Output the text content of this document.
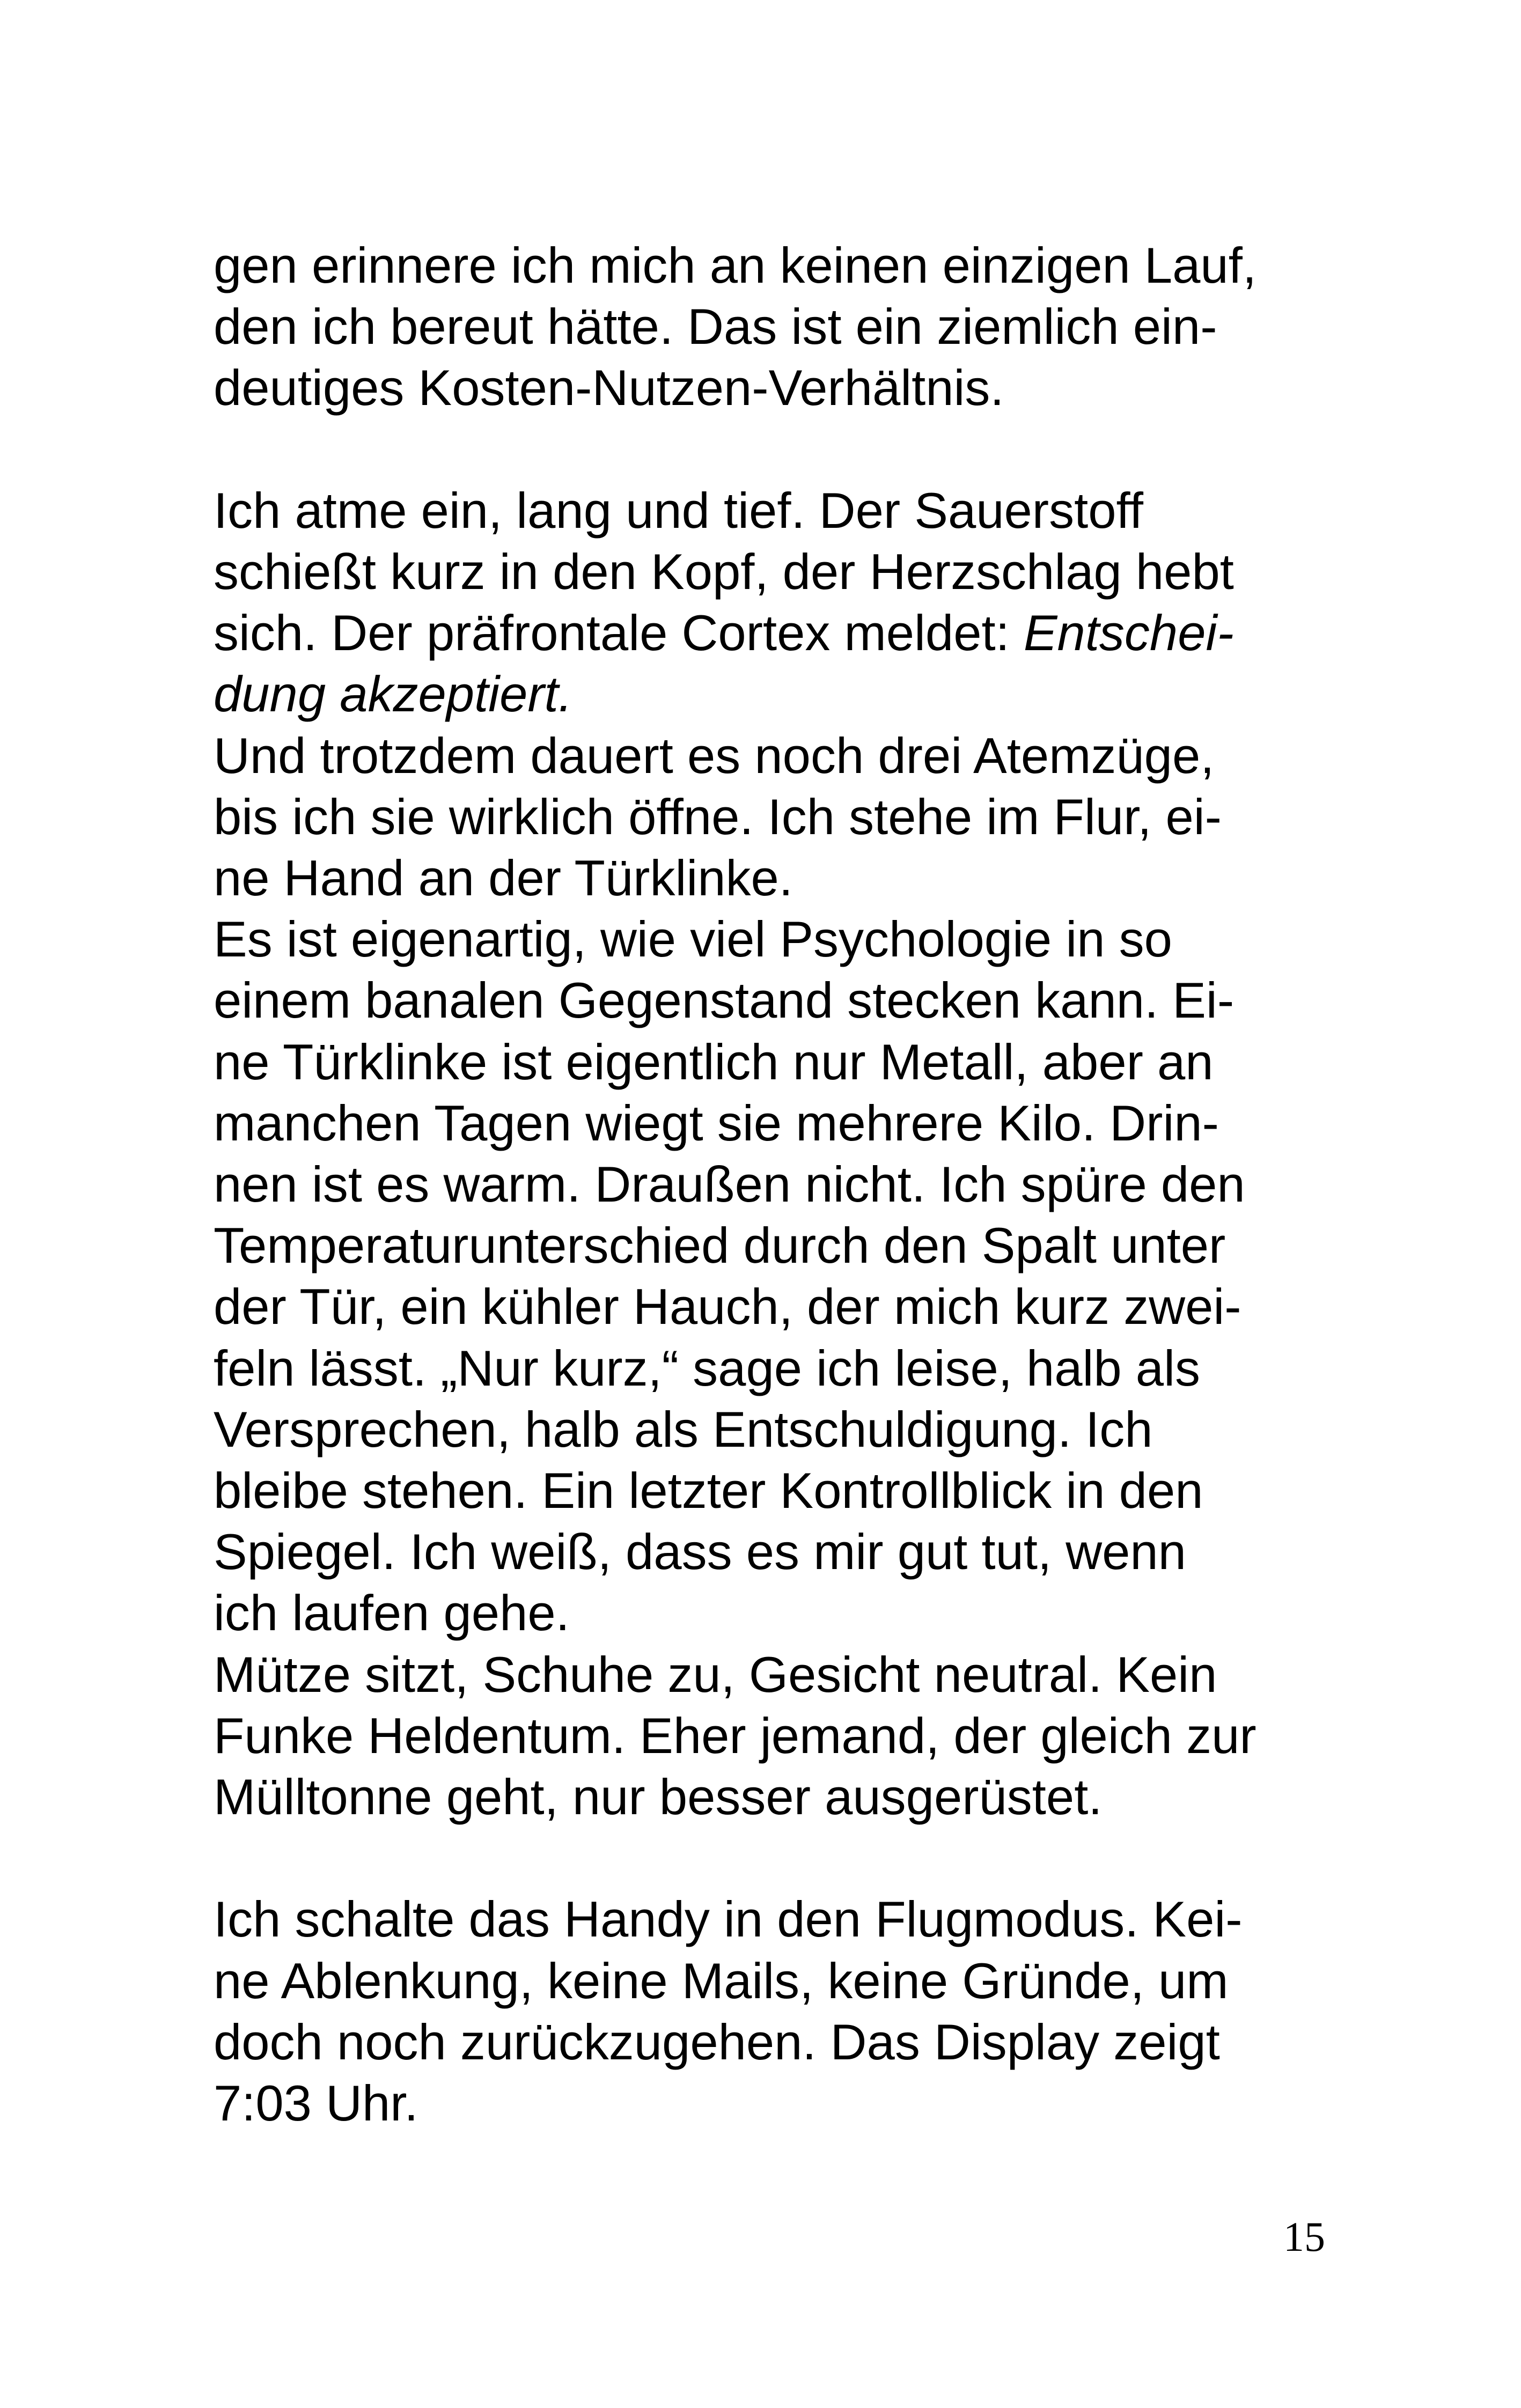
gen erinnere ich mich an keinen einzigen Lauf,
den ich bereut hätte. Das ist ein ziemlich ein-
deutiges Kosten-Nutzen-Verhältnis.
Ich atme ein, lang und tief. Der Sauerstoff
schießt kurz in den Kopf, der Herzschlag hebt
sich. Der präfrontale Cortex meldet: Entschei-
dung akzeptiert.
Und trotzdem dauert es noch drei Atemzüge,
bis ich sie wirklich öffne. Ich stehe im Flur, ei-
ne Hand an der Türklinke.
Es ist eigenartig, wie viel Psychologie in so
einem banalen Gegenstand stecken kann. Ei-
ne Türklinke ist eigentlich nur Metall, aber an
manchen Tagen wiegt sie mehrere Kilo. Drin-
nen ist es warm. Draußen nicht. Ich spüre den
Temperaturunterschied durch den Spalt unter
der Tür, ein kühler Hauch, der mich kurz zwei-
feln lässt. „Nur kurz,“ sage ich leise, halb als
Versprechen, halb als Entschuldigung. Ich
bleibe stehen. Ein letzter Kontrollblick in den
Spiegel. Ich weiß, dass es mir gut tut, wenn
ich laufen gehe.
Mütze sitzt, Schuhe zu, Gesicht neutral. Kein
Funke Heldentum. Eher jemand, der gleich zur
Mülltonne geht, nur besser ausgerüstet.
Ich schalte das Handy in den Flugmodus. Kei-
ne Ablenkung, keine Mails, keine Gründe, um
doch noch zurückzugehen. Das Display zeigt
7:03 Uhr.
15
